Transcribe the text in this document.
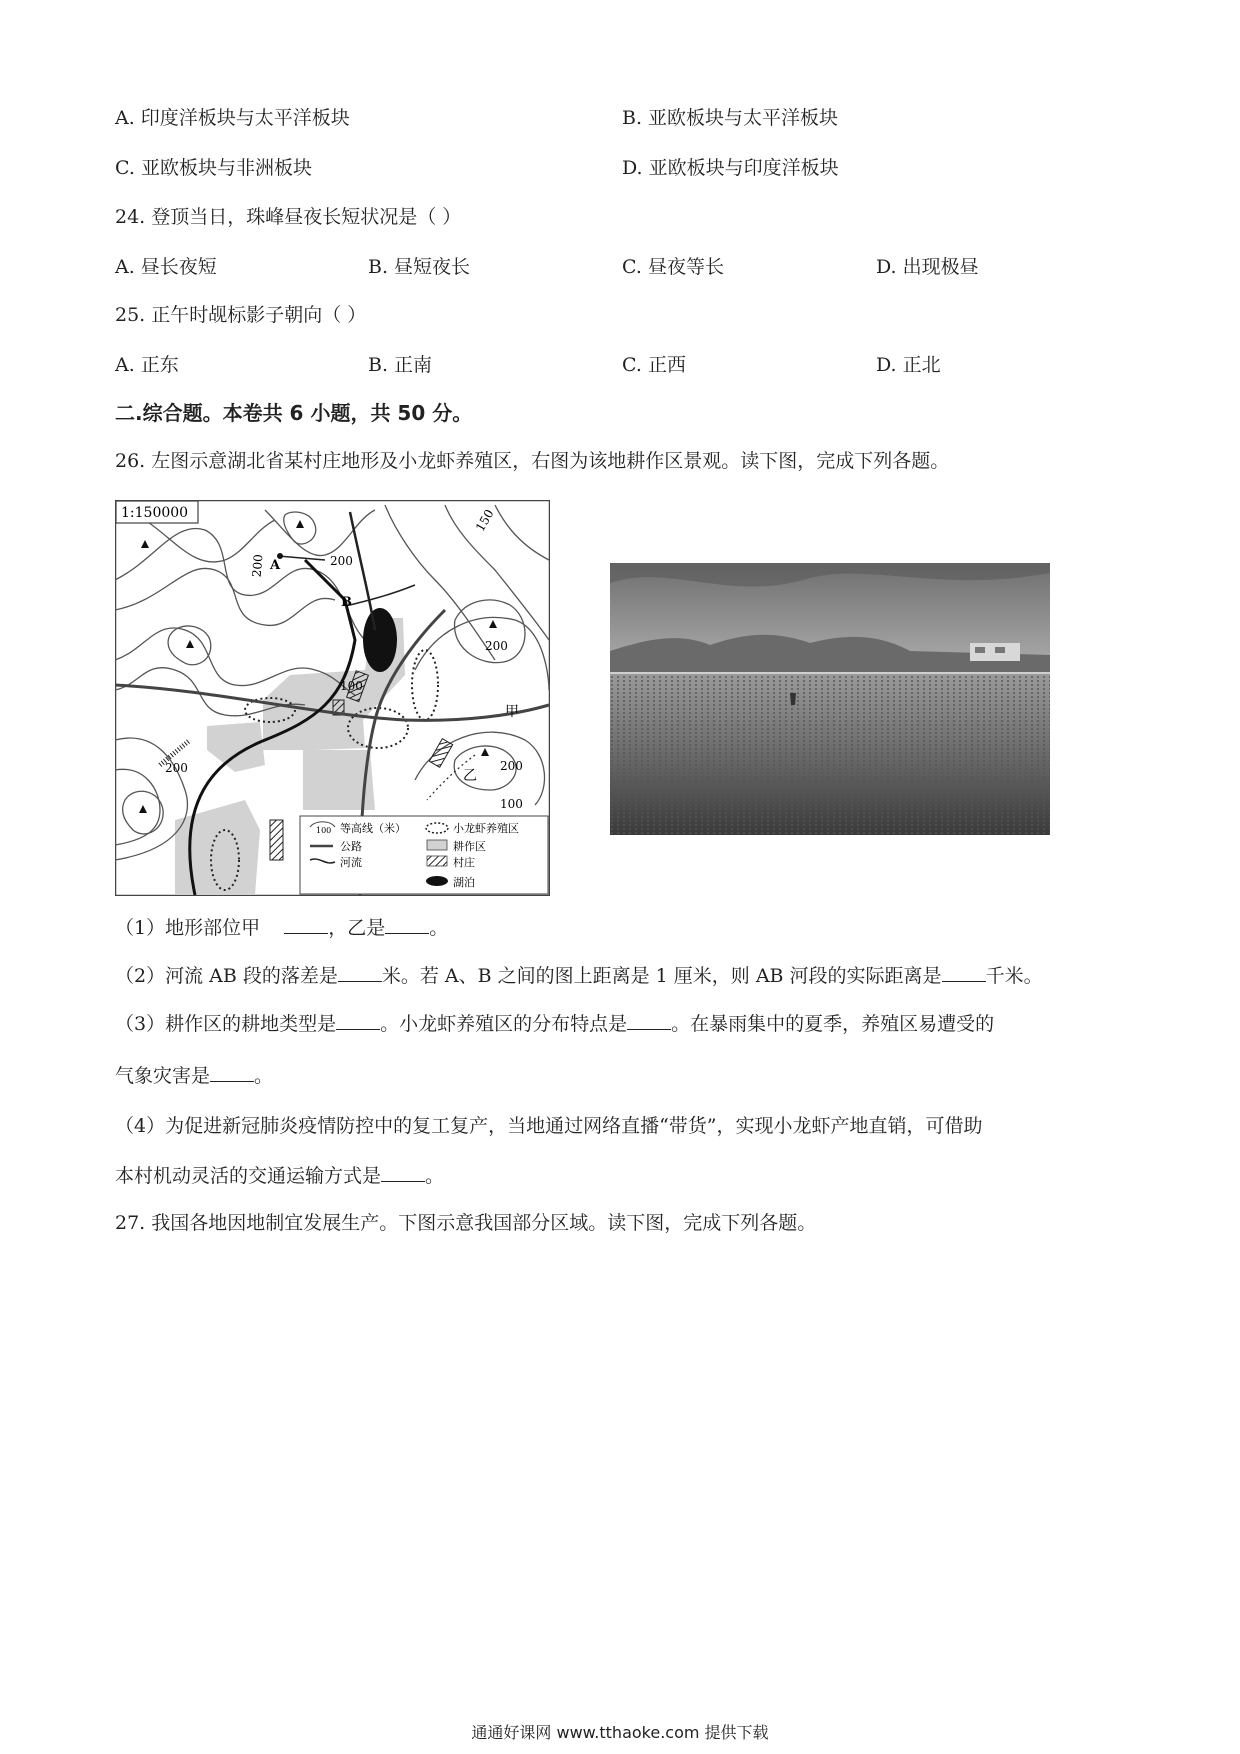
A. 印度洋板块与太平洋板块	B. 亚欧板块与太平洋板块
C. 亚欧板块与非洲板块	D. 亚欧板块与印度洋板块
24. 登顶当日，珠峰昼夜长短状况是（ ）
A. 昼长夜短	B. 昼短夜长	C. 昼夜等长	D. 出现极昼
25. 正午时觇标影子朝向（ ）
A. 正东	B. 正南	C. 正西	D. 正北
二.综合题。本卷共 6 小题，共 50 分。
26. 左图示意湖北省某村庄地形及小龙虾养殖区，右图为该地耕作区景观。读下图，完成下列各题。
1:150000
A
B
甲
乙
150
200
200
200
200
200
100
100
100 等高线（米）
公路
河流
小龙虾养殖区
耕作区
村庄
湖泊
（1）地形部位甲	，乙是 。
（2）河流 AB 段的落差是 米。若 A、B 之间的图上距离是 1 厘米，则 AB 河段的实际距离是 千米。
（3）耕作区的耕地类型是 。小龙虾养殖区的分布特点是 。在暴雨集中的夏季，养殖区易遭受的
气象灾害是 。
（4）为促进新冠肺炎疫情防控中的复工复产，当地通过网络直播“带货”，实现小龙虾产地直销，可借助
本村机动灵活的交通运输方式是 。
27. 我国各地因地制宜发展生产。下图示意我国部分区域。读下图，完成下列各题。
通通好课网 www.tthaoke.com 提供下载
